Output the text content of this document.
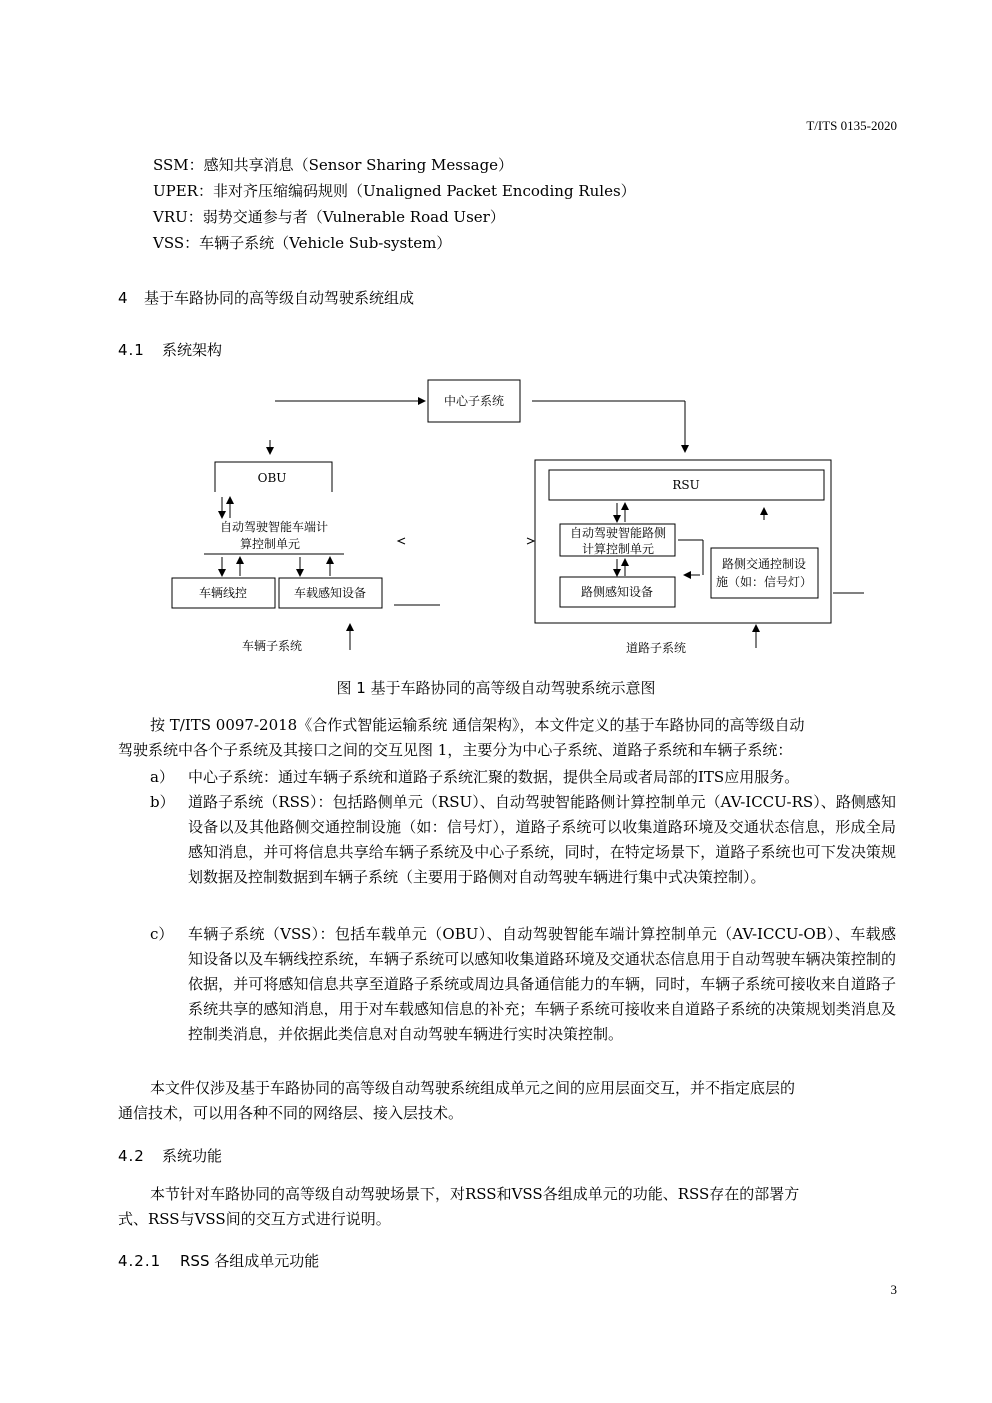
T/ITS 0135-2020
SSM：感知共享消息（Sensor Sharing Message）
UPER：非对齐压缩编码规则（Unaligned Packet Encoding Rules）
VRU：弱势交通参与者（Vulnerable Road User）
VSS：车辆子系统（Vehicle Sub-system）
4 基于车路协同的高等级自动驾驶系统组成
4.1 系统架构
中心子系统
OBU
自动驾驶智能车端计
算控制单元
车辆线控	车载感知设备
车辆子系统
RSU
自动驾驶智能路侧
计算控制单元
路侧感知设备
路侧交通控制设
施（如：信号灯）
道路子系统
图 1 基于车路协同的高等级自动驾驶系统示意图
按 T/ITS 0097-2018《合作式智能运输系统 通信架构》，本文件定义的基于车路协同的高等级自动
驾驶系统中各个子系统及其接口之间的交互见图 1，主要分为中心子系统、道路子系统和车辆子系统：
a） 中心子系统：通过车辆子系统和道路子系统汇聚的数据，提供全局或者局部的ITS应用服务。
b） 道路子系统（RSS）：包括路侧单元（RSU）、自动驾驶智能路侧计算控制单元（AV-ICCU-RS）、路侧感知设备以及其他路侧交通控制设施（如：信号灯），道路子系统可以收集道路环境及交通状态信息，形成全局感知消息，并可将信息共享给车辆子系统及中心子系统，同时，在特定场景下，道路子系统也可下发决策规划数据及控制数据到车辆子系统（主要用于路侧对自动驾驶车辆进行集中式决策控制）。
c） 车辆子系统（VSS）：包括车载单元（OBU）、自动驾驶智能车端计算控制单元（AV-ICCU-OB）、车载感知设备以及车辆线控系统，车辆子系统可以感知收集道路环境及交通状态信息用于自动驾驶车辆决策控制的依据，并可将感知信息共享至道路子系统或周边具备通信能力的车辆，同时，车辆子系统可接收来自道路子系统共享的感知消息，用于对车载感知信息的补充；车辆子系统可接收来自道路子系统的决策规划类消息及控制类消息，并依据此类信息对自动驾驶车辆进行实时决策控制。
本文件仅涉及基于车路协同的高等级自动驾驶系统组成单元之间的应用层面交互，并不指定底层的
通信技术，可以用各种不同的网络层、接入层技术。
4.2 系统功能
本节针对车路协同的高等级自动驾驶场景下，对RSS和VSS各组成单元的功能、RSS存在的部署方
式、RSS与VSS间的交互方式进行说明。
4.2.1 RSS 各组成单元功能
3
